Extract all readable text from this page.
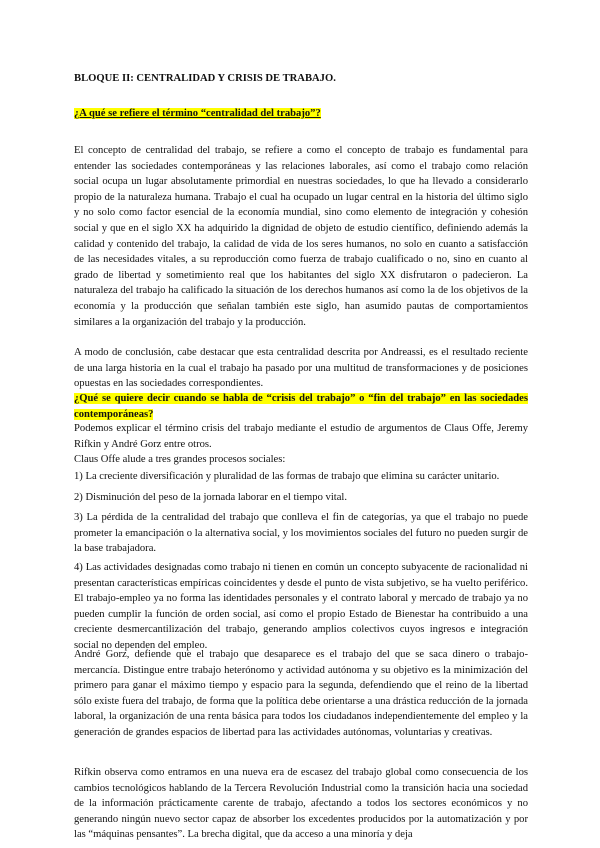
BLOQUE II: CENTRALIDAD Y CRISIS DE TRABAJO.

¿A qué se refiere el término “centralidad del trabajo”?

El concepto de centralidad del trabajo, se refiere a como el concepto de trabajo es fundamental para entender las sociedades contemporáneas y las relaciones laborales, así como el trabajo como relación social ocupa un lugar absolutamente primordial en nuestras sociedades, lo que ha llevado a considerarlo propio de la naturaleza humana. Trabajo el cual ha ocupado un lugar central en la historia del último siglo y no solo como factor esencial de la economía mundial, sino como elemento de integración y cohesión social y que en el siglo XX ha adquirido la dignidad de objeto de estudio científico, definiendo además la calidad y contenido del trabajo, la calidad de vida de los seres humanos, no solo en cuanto a satisfacción de las necesidades vitales, a su reproducción como fuerza de trabajo cualificado o no, sino en cuanto al grado de libertad y sometimiento real que los habitantes del siglo XX disfrutaron o padecieron. La naturaleza del trabajo ha calificado la situación de los derechos humanos así como la de los objetivos de la economía y la producción que señalan también este siglo, han asumido pautas de comportamientos similares a la organización del trabajo y la producción.

A modo de conclusión, cabe destacar que esta centralidad descrita por Andreassi, es el resultado reciente de una larga historia en la cual el trabajo ha pasado por una multitud de transformaciones y de posiciones opuestas en las sociedades correspondientes.

¿Qué se quiere decir cuando se habla de “crisis del trabajo” o “fin del trabajo” en las sociedades contemporáneas?

Podemos explicar el término crisis del trabajo mediante el estudio de argumentos de Claus Offe, Jeremy Rifkin y André Gorz entre otros.

Claus Offe alude a tres grandes procesos sociales:

1) La creciente diversificación y pluralidad de las formas de trabajo que elimina su carácter unitario.

2) Disminución del peso de la jornada laborar en el tiempo vital.

3) La pérdida de la centralidad del trabajo que conlleva el fin de categorías, ya que el trabajo no puede prometer la emancipación o la alternativa social, y los movimientos sociales del futuro no pueden surgir de la base trabajadora.

4) Las actividades designadas como trabajo ni tienen en común un concepto subyacente de racionalidad ni presentan características empíricas coincidentes y desde el punto de vista subjetivo, se ha vuelto periférico. El trabajo-empleo ya no forma las identidades personales y el contrato laboral y mercado de trabajo ya no pueden cumplir la función de orden social, así como el propio Estado de Bienestar ha contribuido a una creciente desmercantilización del trabajo, generando amplios colectivos cuyos ingresos e integración social no dependen del empleo.

André Gorz, defiende que el trabajo que desaparece es el trabajo del que se saca dinero o trabajo-mercancía. Distingue entre trabajo heterónomo y actividad autónoma y su objetivo es la minimización del primero para ganar el máximo tiempo y espacio para la segunda, defendiendo que el reino de la libertad sólo existe fuera del trabajo, de forma que la política debe orientarse a una drástica reducción de la jornada laboral, la organización de una renta básica para todos los ciudadanos independientemente del empleo y la generación de grandes espacios de libertad para las actividades autónomas, voluntarias y creativas.

Rifkin observa como entramos en una nueva era de escasez del trabajo global como consecuencia de los cambios tecnológicos hablando de la Tercera Revolución Industrial como la transición hacia una sociedad de la información prácticamente carente de trabajo, afectando a todos los sectores económicos y no generando ningún nuevo sector capaz de absorber los excedentes producidos por la automatización y por las “máquinas pensantes”. La brecha digital, que da acceso a una minoría y deja
